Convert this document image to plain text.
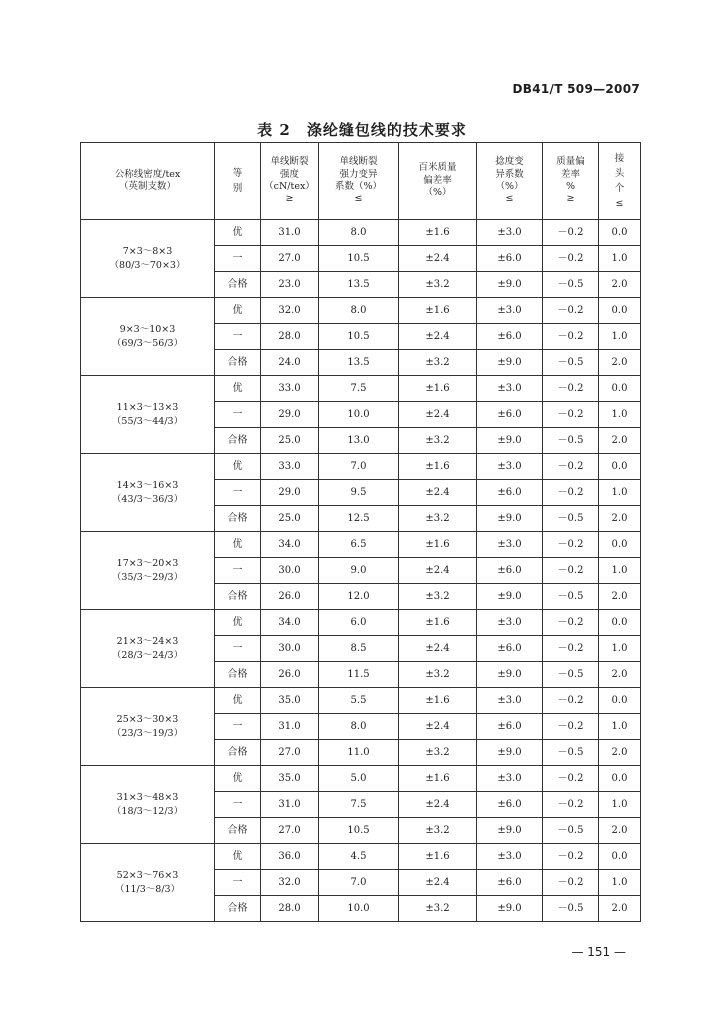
DB41/T 509—2007
表 2　涤纶缝包线的技术要求
公称线密度/tex
（英制支数）	等
别	单线断裂
强度
（cN/tex）
≥	单线断裂
强力变异
系数（%）
≤	百米质量
偏差率
（%）	捻度变
异系数
（%）
≤	质量偏
差率
%
≥	接
头
个
≤
7×3～8×3
（80/3～70×3）	优	31.0	8.0	±1.6	±3.0	－0.2	0.0
	一	27.0	10.5	±2.4	±6.0	－0.2	1.0
	合格	23.0	13.5	±3.2	±9.0	－0.5	2.0
9×3～10×3
（69/3～56/3）	优	32.0	8.0	±1.6	±3.0	－0.2	0.0
	一	28.0	10.5	±2.4	±6.0	－0.2	1.0
	合格	24.0	13.5	±3.2	±9.0	－0.5	2.0
11×3～13×3
（55/3～44/3）	优	33.0	7.5	±1.6	±3.0	－0.2	0.0
	一	29.0	10.0	±2.4	±6.0	－0.2	1.0
	合格	25.0	13.0	±3.2	±9.0	－0.5	2.0
14×3～16×3
（43/3～36/3）	优	33.0	7.0	±1.6	±3.0	－0.2	0.0
	一	29.0	9.5	±2.4	±6.0	－0.2	1.0
	合格	25.0	12.5	±3.2	±9.0	－0.5	2.0
17×3～20×3
（35/3～29/3）	优	34.0	6.5	±1.6	±3.0	－0.2	0.0
	一	30.0	9.0	±2.4	±6.0	－0.2	1.0
	合格	26.0	12.0	±3.2	±9.0	－0.5	2.0
21×3～24×3
（28/3～24/3）	优	34.0	6.0	±1.6	±3.0	－0.2	0.0
	一	30.0	8.5	±2.4	±6.0	－0.2	1.0
	合格	26.0	11.5	±3.2	±9.0	－0.5	2.0
25×3～30×3
（23/3～19/3）	优	35.0	5.5	±1.6	±3.0	－0.2	0.0
	一	31.0	8.0	±2.4	±6.0	－0.2	1.0
	合格	27.0	11.0	±3.2	±9.0	－0.5	2.0
31×3～48×3
（18/3～12/3）	优	35.0	5.0	±1.6	±3.0	－0.2	0.0
	一	31.0	7.5	±2.4	±6.0	－0.2	1.0
	合格	27.0	10.5	±3.2	±9.0	－0.5	2.0
52×3～76×3
（11/3～8/3）	优	36.0	4.5	±1.6	±3.0	－0.2	0.0
	一	32.0	7.0	±2.4	±6.0	－0.2	1.0
	合格	28.0	10.0	±3.2	±9.0	－0.5	2.0
— 151 —
